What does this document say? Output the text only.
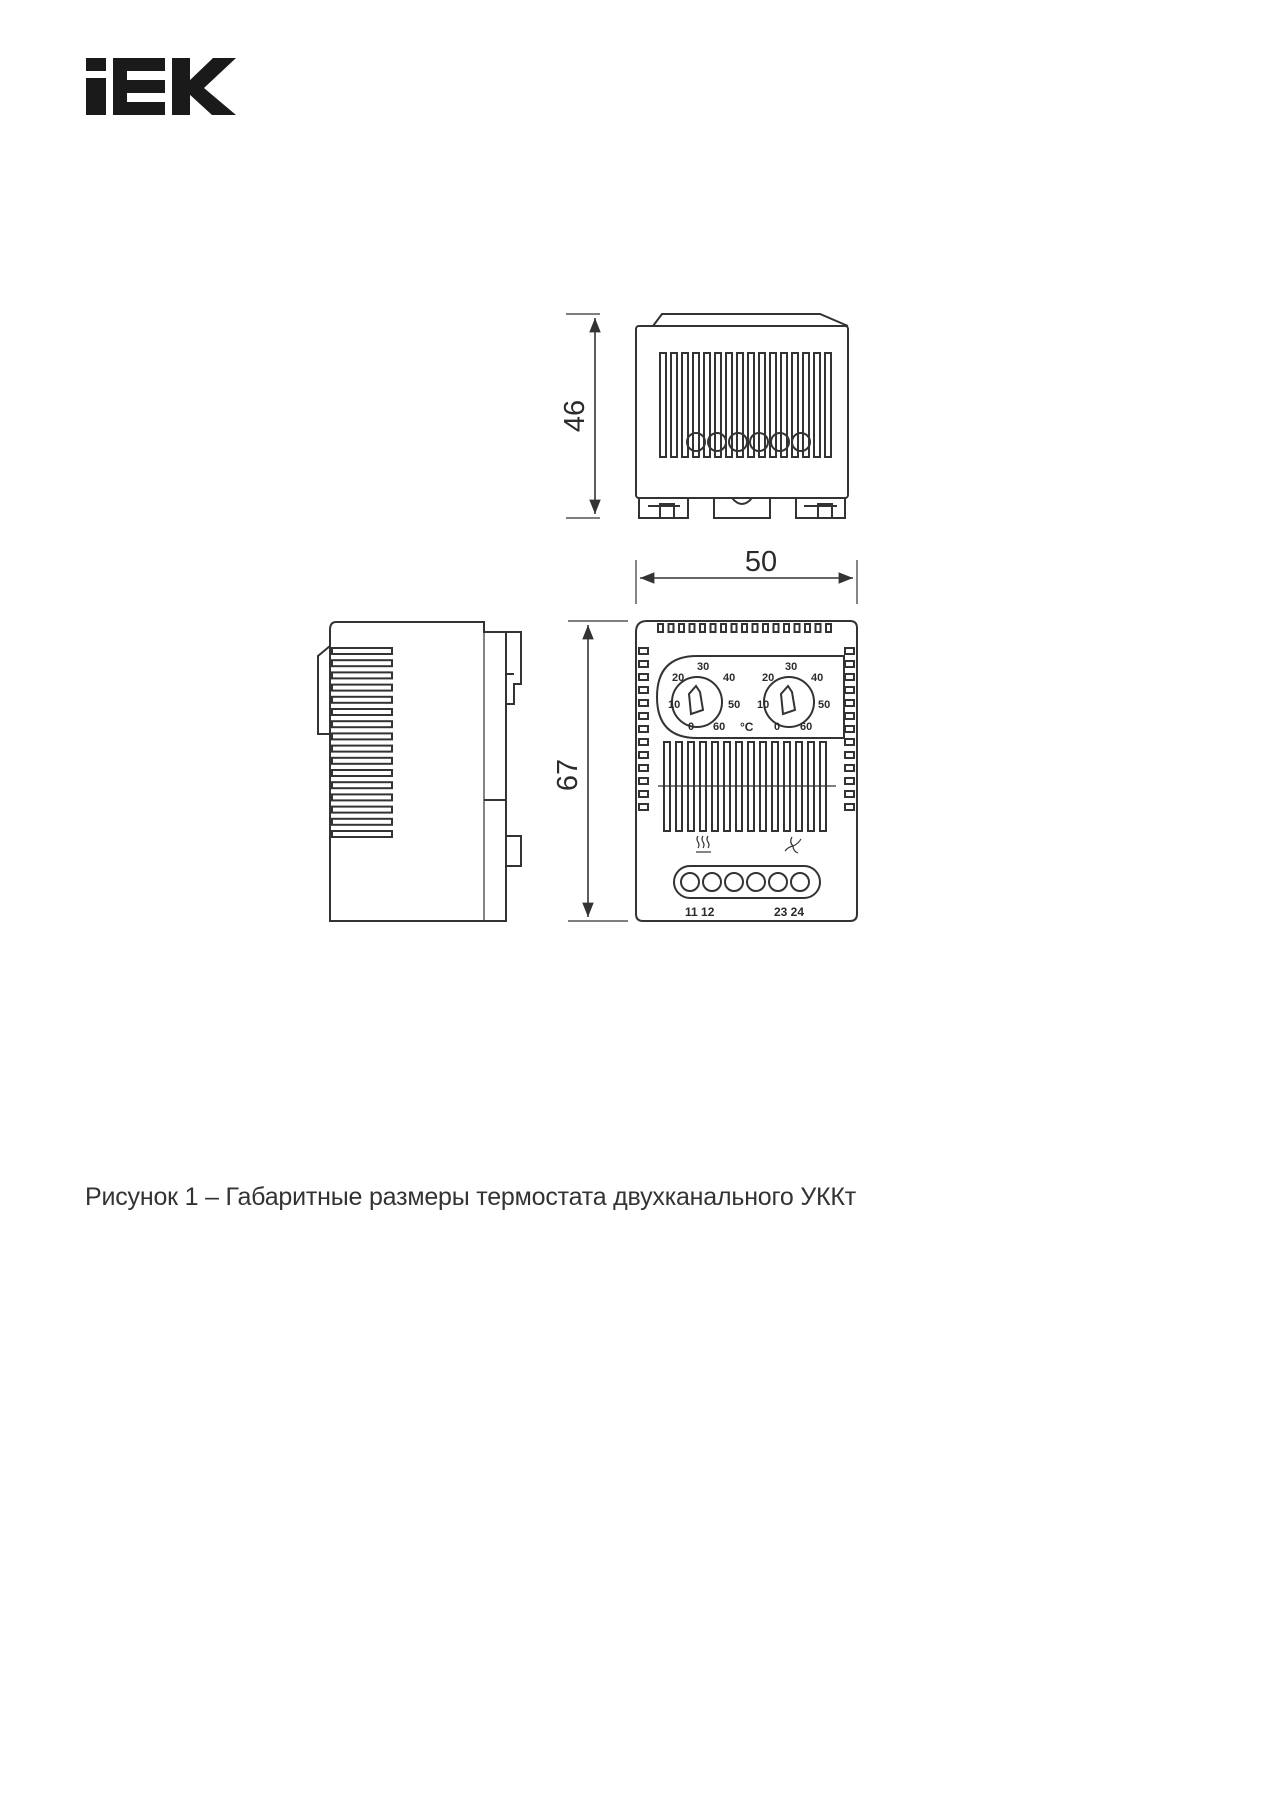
46
50
67
0
10
20
30
40
50
60	0
10
20
30
40
50
60
°C
11 12	23 24
Рисунок 1 – Габаритные размеры термостата двухканального УККт
